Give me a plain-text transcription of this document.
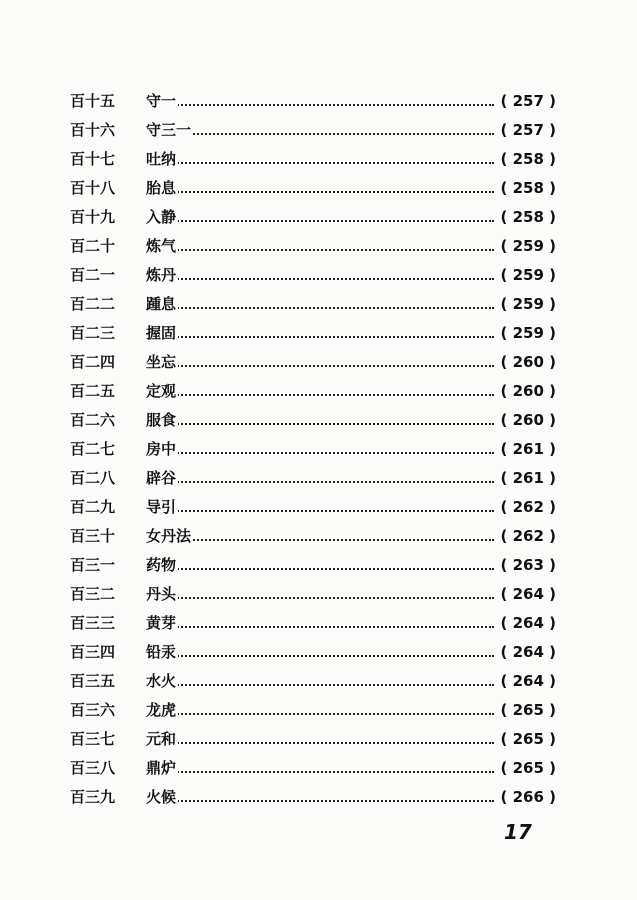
百十五	守一	( 257 )
百十六	守三一	( 257 )
百十七	吐纳	( 258 )
百十八	胎息	( 258 )
百十九	入静	( 258 )
百二十	炼气	( 259 )
百二一	炼丹	( 259 )
百二二	踵息	( 259 )
百二三	握固	( 259 )
百二四	坐忘	( 260 )
百二五	定观	( 260 )
百二六	服食	( 260 )
百二七	房中	( 261 )
百二八	辟谷	( 261 )
百二九	导引	( 262 )
百三十	女丹法	( 262 )
百三一	药物	( 263 )
百三二	丹头	( 264 )
百三三	黄芽	( 264 )
百三四	铅汞	( 264 )
百三五	水火	( 264 )
百三六	龙虎	( 265 )
百三七	元和	( 265 )
百三八	鼎炉	( 265 )
百三九	火候	( 266 )
17
